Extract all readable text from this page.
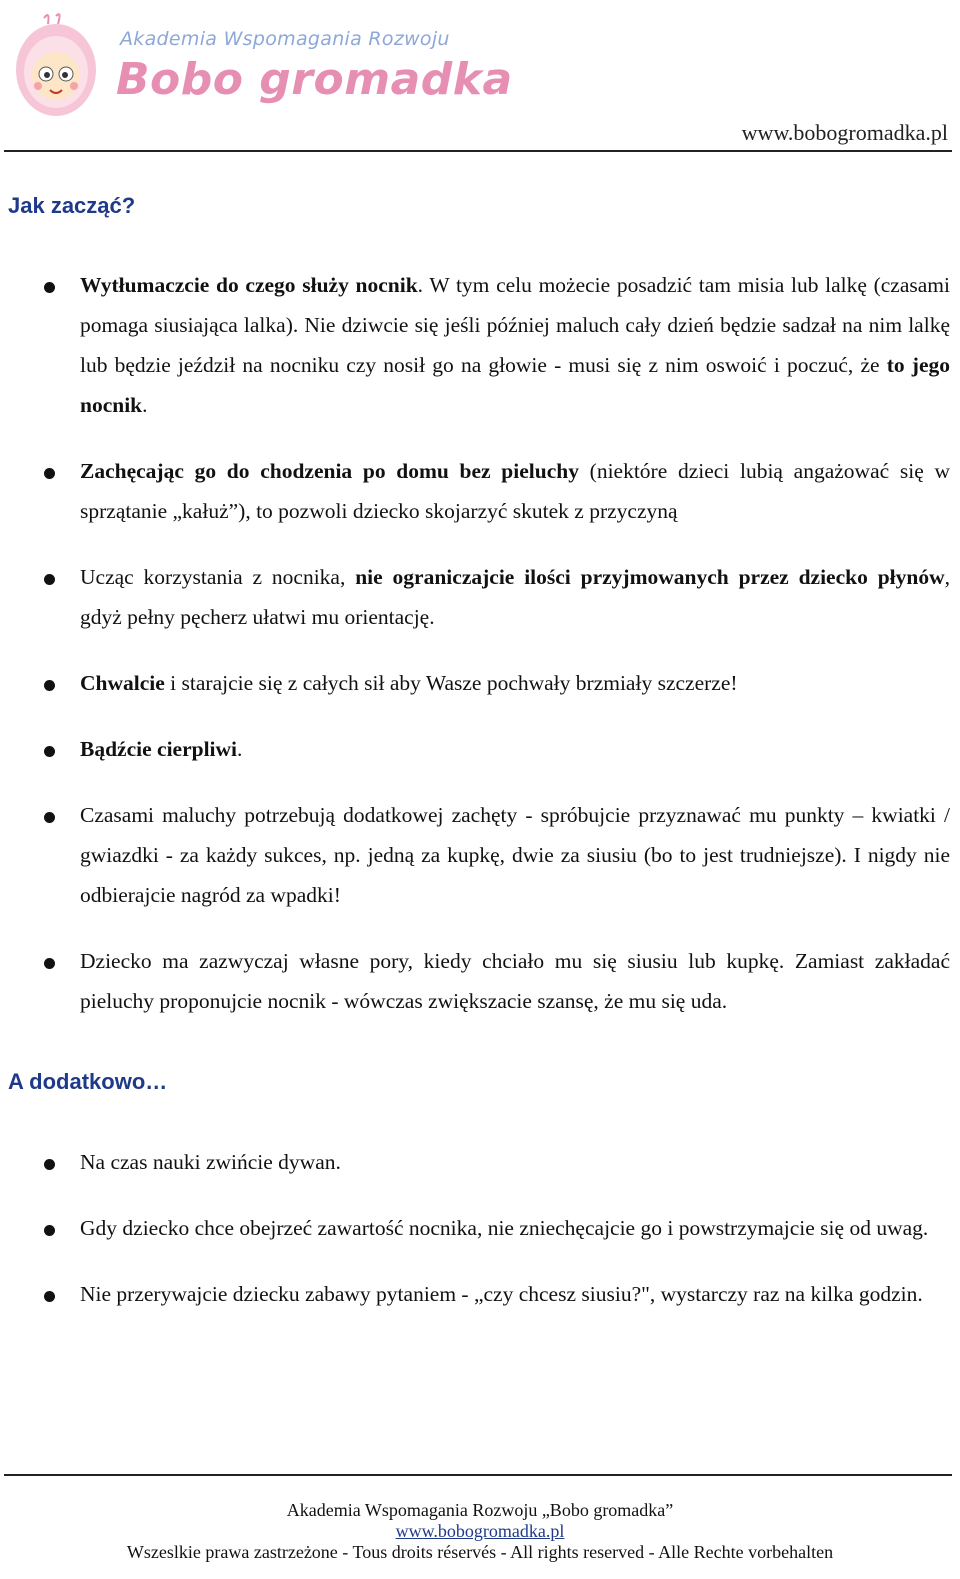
Akademia Wspomagania Rozwoju
Bobo gromadka
www.bobogromadka.pl
Jak zacząć?
Wytłumaczcie do czego służy nocnik. W tym celu możecie posadzić tam misia lub lalkę (czasami pomaga siusiająca lalka). Nie dziwcie się jeśli później maluch cały dzień będzie sadzał na nim lalkę lub będzie jeździł na nocniku czy nosił go na głowie - musi się z nim oswoić i poczuć, że to jego nocnik.
Zachęcając go do chodzenia po domu bez pieluchy (niektóre dzieci lubią angażować się w sprzątanie „kałuż”), to pozwoli dziecko skojarzyć skutek z przyczyną
Ucząc korzystania z nocnika, nie ograniczajcie ilości przyjmowanych przez dziecko płynów, gdyż pełny pęcherz ułatwi mu orientację.
Chwalcie i starajcie się z całych sił aby Wasze pochwały brzmiały szczerze!
Bądźcie cierpliwi.
Czasami maluchy potrzebują dodatkowej zachęty - spróbujcie przyznawać mu punkty – kwiatki / gwiazdki - za każdy sukces, np. jedną za kupkę, dwie za siusiu (bo to jest trudniejsze). I nigdy nie odbierajcie nagród za wpadki!
Dziecko ma zazwyczaj własne pory, kiedy chciało mu się siusiu lub kupkę. Zamiast zakładać pieluchy proponujcie nocnik - wówczas zwiększacie szansę, że mu się uda.
A dodatkowo…
Na czas nauki zwińcie dywan.
Gdy dziecko chce obejrzeć zawartość nocnika, nie zniechęcajcie go i powstrzymajcie się od uwag.
Nie przerywajcie dziecku zabawy pytaniem - „czy chcesz siusiu?", wystarczy raz na kilka godzin.
Akademia Wspomagania Rozwoju „Bobo gromadka”
www.bobogromadka.pl
Wszeslkie prawa zastrzeżone - Tous droits réservés - All rights reserved - Alle Rechte vorbehalten
